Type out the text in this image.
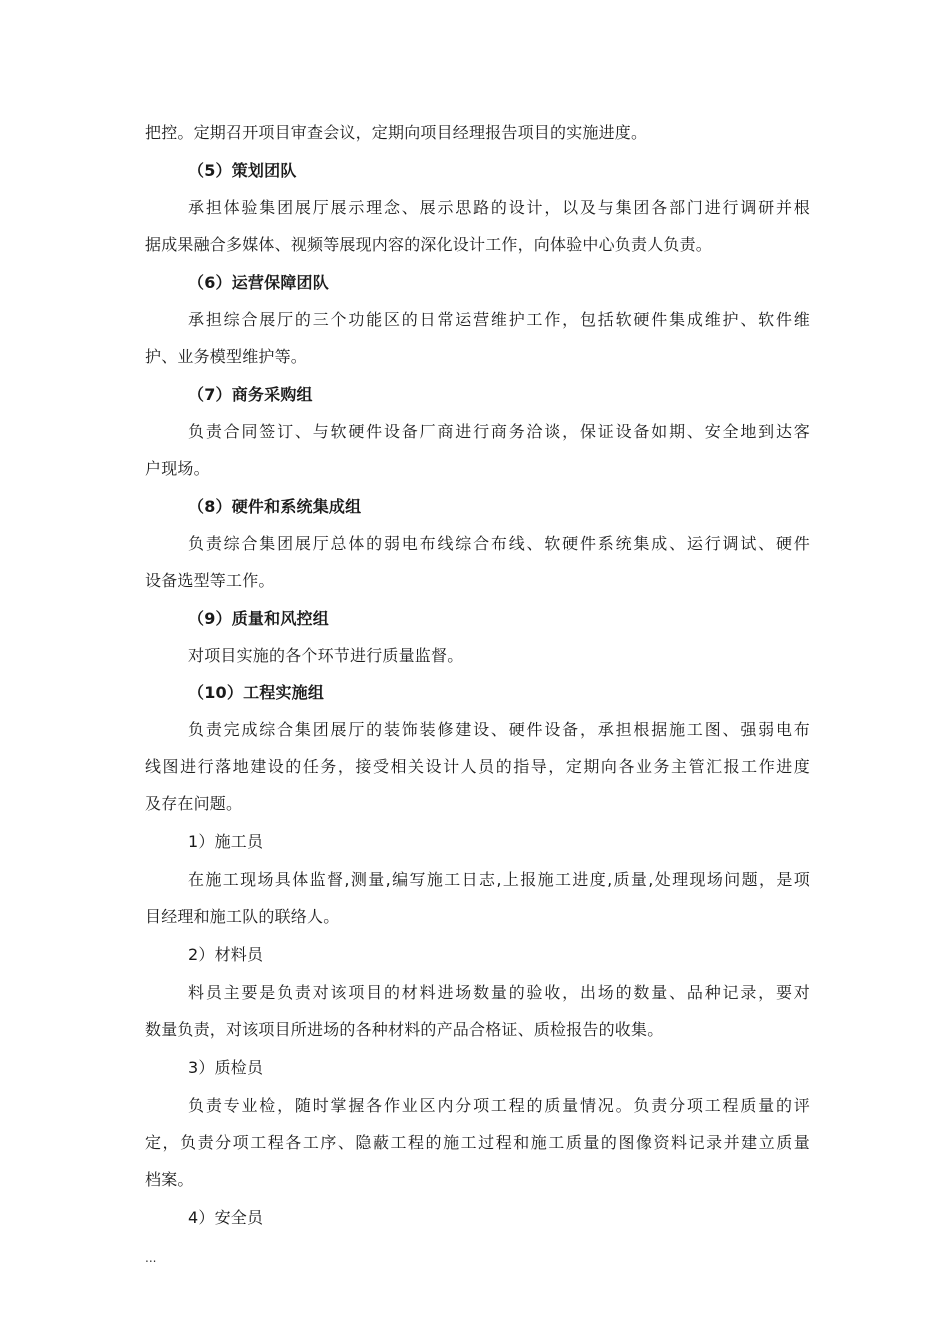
把控。定期召开项目审查会议，定期向项目经理报告项目的实施进度。
（5）策划团队
承担体验集团展厅展示理念、展示思路的设计，以及与集团各部门进行调研并根
据成果融合多媒体、视频等展现内容的深化设计工作，向体验中心负责人负责。
（6）运营保障团队
承担综合展厅的三个功能区的日常运营维护工作，包括软硬件集成维护、软件维
护、业务模型维护等。
（7）商务采购组
负责合同签订、与软硬件设备厂商进行商务洽谈，保证设备如期、安全地到达客
户现场。
（8）硬件和系统集成组
负责综合集团展厅总体的弱电布线综合布线、软硬件系统集成、运行调试、硬件
设备选型等工作。
（9）质量和风控组
对项目实施的各个环节进行质量监督。
（10）工程实施组
负责完成综合集团展厅的装饰装修建设、硬件设备，承担根据施工图、强弱电布
线图进行落地建设的任务，接受相关设计人员的指导，定期向各业务主管汇报工作进度
及存在问题。
1）施工员
在施工现场具体监督,测量,编写施工日志,上报施工进度,质量,处理现场问题，是项
目经理和施工队的联络人。
2）材料员
料员主要是负责对该项目的材料进场数量的验收，出场的数量、品种记录，要对
数量负责，对该项目所进场的各种材料的产品合格证、质检报告的收集。
3）质检员
负责专业检，随时掌握各作业区内分项工程的质量情况。负责分项工程质量的评
定，负责分项工程各工序、隐蔽工程的施工过程和施工质量的图像资料记录并建立质量
档案。
4）安全员
...
